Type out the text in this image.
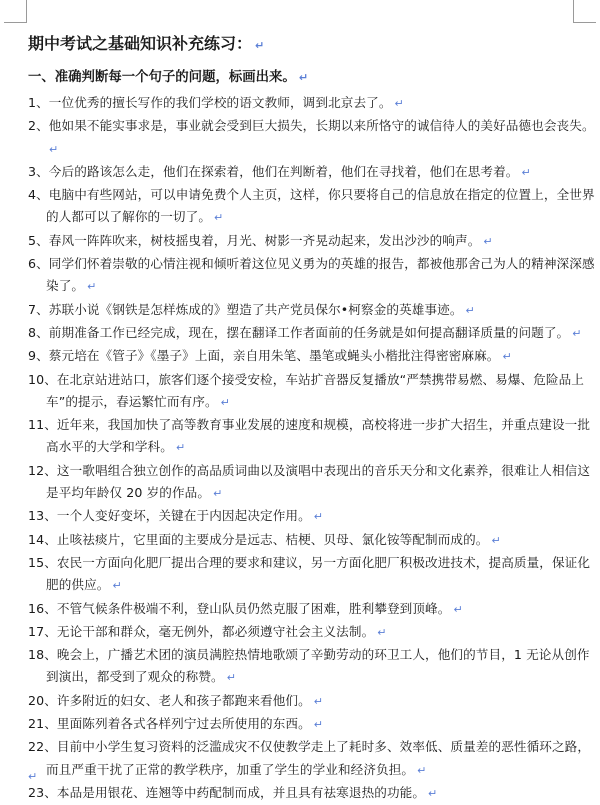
期中考试之基础知识补充练习： ↵
一、准确判断每一个句子的问题，标画出来。 ↵
1、一位优秀的擅长写作的我们学校的语文教师，调到北京去了。 ↵
2、他如果不能实事求是，事业就会受到巨大损失，长期以来所恪守的诚信待人的美好品德也会丧失。↵
3、今后的路该怎么走，他们在探索着，他们在判断着，他们在寻找着，他们在思考着。 ↵
4、电脑中有些网站，可以申请免费个人主页，这样，你只要将自己的信息放在指定的位置上，全世界的人都可以了解你的一切了。 ↵
5、春风一阵阵吹来，树枝摇曳着，月光、树影一齐晃动起来，发出沙沙的响声。 ↵
6、同学们怀着崇敬的心情注视和倾听着这位见义勇为的英雄的报告，都被他那舍己为人的精神深深感染了。 ↵
7、苏联小说《钢铁是怎样炼成的》塑造了共产党员保尔•柯察金的英雄事迹。 ↵
8、前期准备工作已经完成，现在，摆在翻译工作者面前的任务就是如何提高翻译质量的问题了。 ↵
9、蔡元培在《管子》《墨子》上面，亲自用朱笔、墨笔或蝇头小楷批注得密密麻麻。 ↵
10、在北京站进站口，旅客们逐个接受安检，车站扩音器反复播放“严禁携带易燃、易爆、危险品上车”的提示，春运繁忙而有序。 ↵
11、近年来，我国加快了高等教育事业发展的速度和规模，高校将进一步扩大招生，并重点建设一批高水平的大学和学科。 ↵
12、这一歌唱组合独立创作的高品质词曲以及演唱中表现出的音乐天分和文化素养，很难让人相信这是平均年龄仅 20 岁的作品。 ↵
13、一个人变好变坏，关键在于内因起决定作用。 ↵
14、止咳祛痰片，它里面的主要成分是远志、桔梗、贝母、氯化铵等配制而成的。 ↵
15、农民一方面向化肥厂提出合理的要求和建议，另一方面化肥厂积极改进技术，提高质量，保证化肥的供应。 ↵
16、不管气候条件极端不利，登山队员仍然克服了困难，胜利攀登到顶峰。 ↵
17、无论干部和群众，毫无例外，都必须遵守社会主义法制。 ↵
18、晚会上，广播艺术团的演员满腔热情地歌颂了辛勤劳动的环卫工人，他们的节目，1 无论从创作到演出，都受到了观众的称赞。 ↵
20、许多附近的妇女、老人和孩子都跑来看他们。 ↵
21、里面陈列着各式各样列宁过去所使用的东西。 ↵
22、目前中小学生复习资料的泛滥成灾不仅使教学走上了耗时多、效率低、质量差的恶性循环之路，而且严重干扰了正常的教学秩序，加重了学生的学业和经济负担。 ↵
23、本品是用银花、连翘等中药配制而成，并且具有祛寒退热的功能。 ↵
↵
